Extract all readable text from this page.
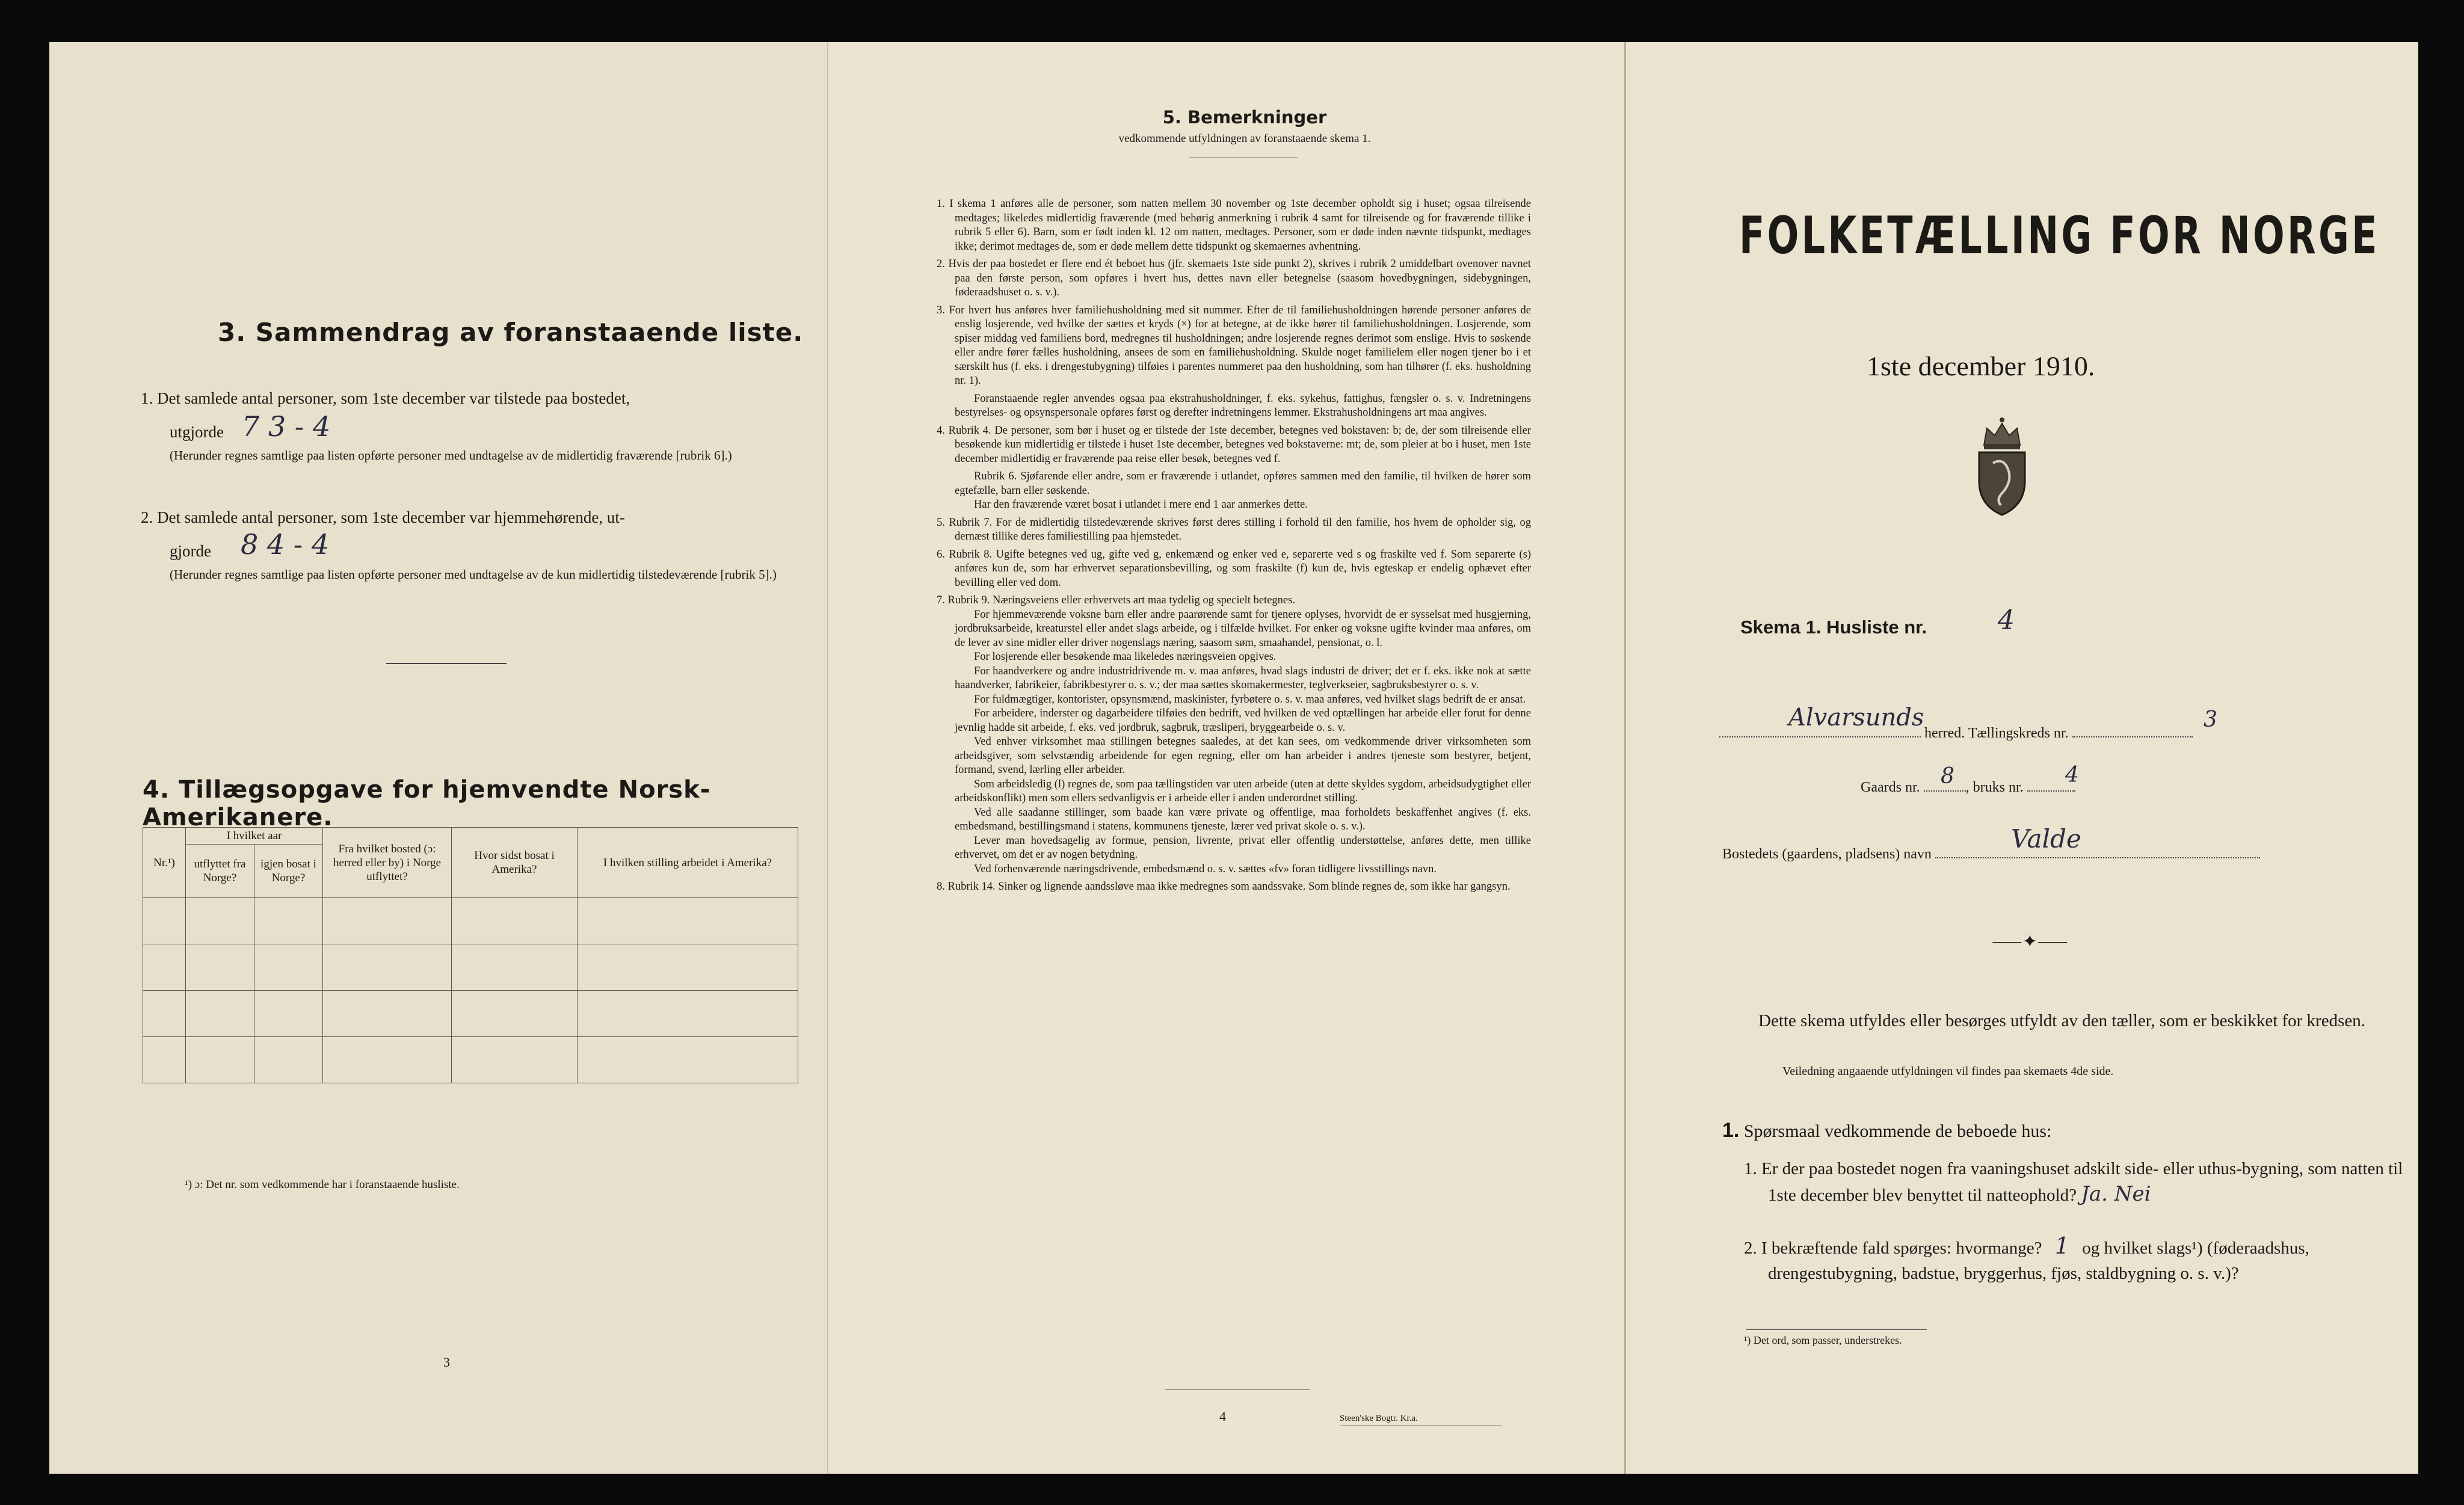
3. Sammendrag av foranstaaende liste.
1. Det samlede antal personer, som 1ste december var tilstede paa bostedet,
utgjorde 7 3 - 4
(Herunder regnes samtlige paa listen opførte personer med undtagelse av de midlertidig fraværende [rubrik 6].)
2. Det samlede antal personer, som 1ste december var hjemmehørende, ut-
gjorde 8 4 - 4
(Herunder regnes samtlige paa listen opførte personer med undtagelse av de kun midlertidig tilstedeværende [rubrik 5].)
4. Tillægsopgave for hjemvendte Norsk-Amerikanere.
Nr.¹)	I hvilket aar		Fra hvilket bosted (ɔ: herred eller by) i Norge utflyttet?	Hvor sidst bosat i Amerika?	I hvilken stilling arbeidet i Amerika?
	utflyttet fra Norge?	igjen bosat i Norge?			

¹) ɔ: Det nr. som vedkommende har i foranstaaende husliste.
3
5. Bemerkninger
vedkommende utfyldningen av foranstaaende skema 1.

1. I skema 1 anføres alle de personer, som natten mellem 30 november og 1ste december opholdt sig i huset; ogsaa tilreisende medtages; likeledes midlertidig fraværende (med behørig anmerkning i rubrik 4 samt for tilreisende og for fraværende tillike i rubrik 5 eller 6). Barn, som er født inden kl. 12 om natten, medtages. Personer, som er døde inden nævnte tidspunkt, medtages ikke; derimot medtages de, som er døde mellem dette tidspunkt og skemaernes avhentning.

2. Hvis der paa bostedet er flere end ét beboet hus (jfr. skemaets 1ste side punkt 2), skrives i rubrik 2 umiddelbart ovenover navnet paa den første person, som opføres i hvert hus, dettes navn eller betegnelse (saasom hovedbygningen, sidebygningen, føderaadshuset o. s. v.).

3. For hvert hus anføres hver familiehusholdning med sit nummer. Efter de til familiehusholdningen hørende personer anføres de enslig losjerende, ved hvilke der sættes et kryds (×) for at betegne, at de ikke hører til familiehusholdningen. Losjerende, som spiser middag ved familiens bord, medregnes til husholdningen; andre losjerende regnes derimot som enslige. Hvis to søskende eller andre fører fælles husholdning, ansees de som en familiehusholdning. Skulde noget familielem eller nogen tjener bo i et særskilt hus (f. eks. i drengestubygning) tilføies i parentes nummeret paa den husholdning, som han tilhører (f. eks. husholdning nr. 1).

Foranstaaende regler anvendes ogsaa paa ekstrahusholdninger, f. eks. sykehus, fattighus, fængsler o. s. v. Indretningens bestyrelses- og opsynspersonale opføres først og derefter indretningens lemmer. Ekstrahusholdningens art maa angives.

4. Rubrik 4. De personer, som bør i huset og er tilstede der 1ste december, betegnes ved bokstaven: b; de, der som tilreisende eller besøkende kun midlertidig er tilstede i huset 1ste december, betegnes ved bokstaverne: mt; de, som pleier at bo i huset, men 1ste december midlertidig er fraværende paa reise eller besøk, betegnes ved f.

Rubrik 6. Sjøfarende eller andre, som er fraværende i utlandet, opføres sammen med den familie, til hvilken de hører som egtefælle, barn eller søskende.

Har den fraværende været bosat i utlandet i mere end 1 aar anmerkes dette.

5. Rubrik 7. For de midlertidig tilstedeværende skrives først deres stilling i forhold til den familie, hos hvem de opholder sig, og dernæst tillike deres familiestilling paa hjemstedet.

6. Rubrik 8. Ugifte betegnes ved ug, gifte ved g, enkemænd og enker ved e, separerte ved s og fraskilte ved f. Som separerte (s) anføres kun de, som har erhvervet separationsbevilling, og som fraskilte (f) kun de, hvis egteskap er endelig ophævet efter bevilling eller ved dom.

7. Rubrik 9. Næringsveiens eller erhvervets art maa tydelig og specielt betegnes.

For hjemmeværende voksne barn eller andre paarørende samt for tjenere oplyses, hvorvidt de er sysselsat med husgjerning, jordbruksarbeide, kreaturstel eller andet slags arbeide, og i tilfælde hvilket. For enker og voksne ugifte kvinder maa anføres, om de lever av sine midler eller driver nogenslags næring, saasom søm, smaahandel, pensionat, o. l.

For losjerende eller besøkende maa likeledes næringsveien opgives.

For haandverkere og andre industridrivende m. v. maa anføres, hvad slags industri de driver; det er f. eks. ikke nok at sætte haandverker, fabrikeier, fabrikbestyrer o. s. v.; der maa sættes skomakermester, teglverkseier, sagbruksbestyrer o. s. v.

For fuldmægtiger, kontorister, opsynsmænd, maskinister, fyrbøtere o. s. v. maa anføres, ved hvilket slags bedrift de er ansat.

For arbeidere, inderster og dagarbeidere tilføies den bedrift, ved hvilken de ved optællingen har arbeide eller forut for denne jevnlig hadde sit arbeide, f. eks. ved jordbruk, sagbruk, træsliperi, bryggearbeide o. s. v.

Ved enhver virksomhet maa stillingen betegnes saaledes, at det kan sees, om vedkommende driver virksomheten som arbeidsgiver, som selvstændig arbeidende for egen regning, eller om han arbeider i andres tjeneste som bestyrer, betjent, formand, svend, lærling eller arbeider.

Som arbeidsledig (l) regnes de, som paa tællingstiden var uten arbeide (uten at dette skyldes sygdom, arbeidsudygtighet eller arbeidskonflikt) men som ellers sedvanligvis er i arbeide eller i anden underordnet stilling.

Ved alle saadanne stillinger, som baade kan være private og offentlige, maa forholdets beskaffenhet angives (f. eks. embedsmand, bestillingsmand i statens, kommunens tjeneste, lærer ved privat skole o. s. v.).

Lever man hovedsagelig av formue, pension, livrente, privat eller offentlig understøttelse, anføres dette, men tillike erhvervet, om det er av nogen betydning.

Ved forhenværende næringsdrivende, embedsmænd o. s. v. sættes «fv» foran tidligere livsstillings navn.

8. Rubrik 14. Sinker og lignende aandssløve maa ikke medregnes som aandssvake. Som blinde regnes de, som ikke har gangsyn.

4	Steen'ske Bogtr. Kr.a.
FOLKETÆLLING FOR NORGE
1ste december 1910.
Skema 1. Husliste nr.	4
herred. Tællingskreds nr.
Alvarsunds	3
Gaards nr.	, bruks nr.
8	4
Bostedets (gaardens, pladsens) navn
Valde
⸺✦⸺
Dette skema utfyldes eller besørges utfyldt av den tæller, som er beskikket for kredsen.
Veiledning angaaende utfyldningen vil findes paa skemaets 4de side.
1. Spørsmaal vedkommende de beboede hus:
1. Er der paa bostedet nogen fra vaaningshuset adskilt side- eller uthus-bygning, som natten til 1ste december blev benyttet til natteophold? Ja. Nei
2. I bekræftende fald spørges: hvormange? 1 og hvilket slags¹) (føderaadshus, drengestubygning, badstue, bryggerhus, fjøs, staldbygning o. s. v.)?
¹) Det ord, som passer, understrekes.
